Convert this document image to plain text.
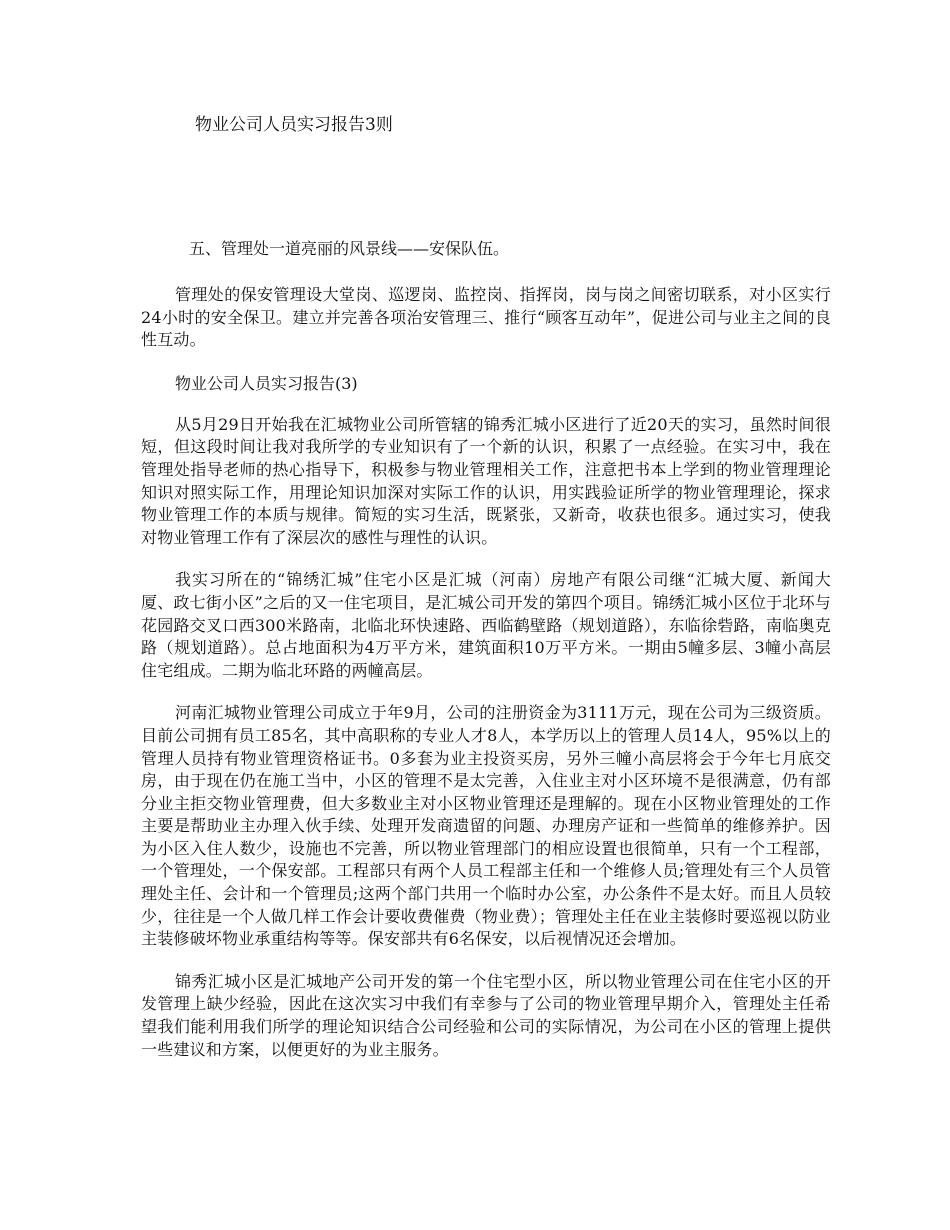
物业公司人员实习报告3则
五、管理处一道亮丽的风景线——安保队伍。

管理处的保安管理设大堂岗、巡逻岗、监控岗、指挥岗，岗与岗之间密切联系，对小区实行24小时的安全保卫。建立并完善各项治安管理三、推行“顾客互动年”，促进公司与业主之间的良性互动。

物业公司人员实习报告(3)

从5月29日开始我在汇城物业公司所管辖的锦秀汇城小区进行了近20天的实习，虽然时间很短，但这段时间让我对我所学的专业知识有了一个新的认识，积累了一点经验。在实习中，我在管理处指导老师的热心指导下，积极参与物业管理相关工作，注意把书本上学到的物业管理理论知识对照实际工作，用理论知识加深对实际工作的认识，用实践验证所学的物业管理理论，探求物业管理工作的本质与规律。简短的实习生活，既紧张，又新奇，收获也很多。通过实习，使我对物业管理工作有了深层次的感性与理性的认识。

我实习所在的“锦绣汇城”住宅小区是汇城（河南）房地产有限公司继“汇城大厦、新闻大厦、政七街小区”之后的又一住宅项目，是汇城公司开发的第四个项目。锦绣汇城小区位于北环与花园路交叉口西300米路南，北临北环快速路、西临鹤壁路（规划道路），东临徐砦路，南临奥克路（规划道路）。总占地面积为4万平方米，建筑面积10万平方米。一期由5幢多层、3幢小高层住宅组成。二期为临北环路的两幢高层。

河南汇城物业管理公司成立于年9月，公司的注册资金为3111万元，现在公司为三级资质。目前公司拥有员工85名，其中高职称的专业人才8人，本学历以上的管理人员14人，95%以上的管理人员持有物业管理资格证书。0多套为业主投资买房，另外三幢小高层将会于今年七月底交房，由于现在仍在施工当中，小区的管理不是太完善，入住业主对小区环境不是很满意，仍有部分业主拒交物业管理费，但大多数业主对小区物业管理还是理解的。现在小区物业管理处的工作主要是帮助业主办理入伙手续、处理开发商遗留的问题、办理房产证和一些简单的维修养护。因为小区入住人数少，设施也不完善，所以物业管理部门的相应设置也很简单，只有一个工程部，一个管理处，一个保安部。工程部只有两个人员工程部主任和一个维修人员;管理处有三个人员管理处主任、会计和一个管理员;这两个部门共用一个临时办公室，办公条件不是太好。而且人员较少，往往是一个人做几样工作会计要收费催费（物业费）；管理处主任在业主装修时要巡视以防业主装修破坏物业承重结构等等。保安部共有6名保安，以后视情况还会增加。

锦秀汇城小区是汇城地产公司开发的第一个住宅型小区，所以物业管理公司在住宅小区的开发管理上缺少经验，因此在这次实习中我们有幸参与了公司的物业管理早期介入，管理处主任希望我们能利用我们所学的理论知识结合公司经验和公司的实际情况，为公司在小区的管理上提供一些建议和方案，以便更好的为业主服务。
